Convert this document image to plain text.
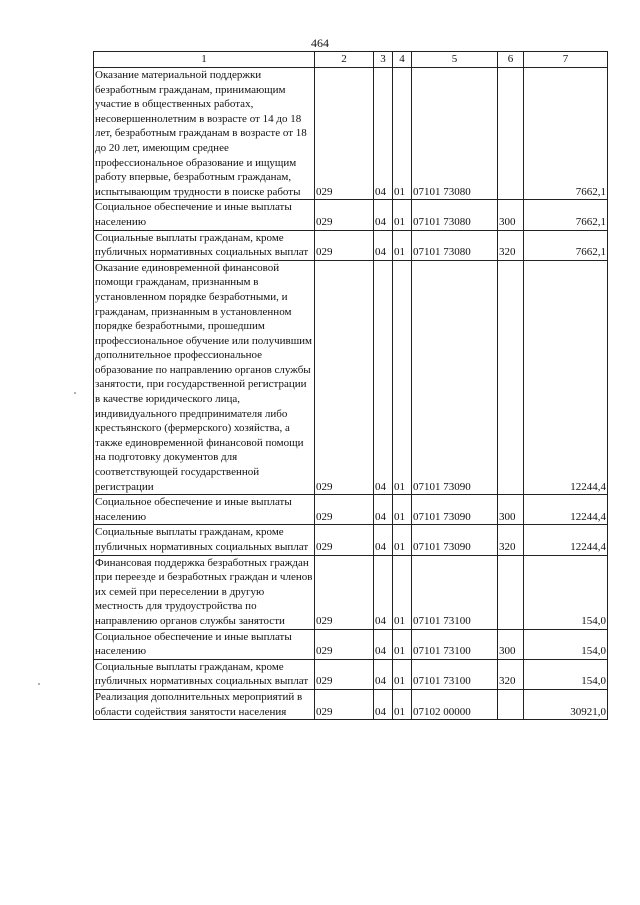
464
1	2	3	4	5	6	7
Оказание материальной поддержки безработным гражданам, принимающим участие в общественных работах, несовершеннолетним в возрасте от 14 до 18 лет, безработным гражданам в возрасте от 18 до 20 лет, имеющим среднее профессиональное образование и ищущим работу впервые, безработным гражданам, испытывающим трудности в поиске работы	029	04	01	07101 73080		7662,1
Социальное обеспечение и иные выплаты населению	029	04	01	07101 73080	300	7662,1
Социальные выплаты гражданам, кроме публичных нормативных социальных выплат	029	04	01	07101 73080	320	7662,1
Оказание единовременной финансовой помощи гражданам, признанным в установленном порядке безработными, и гражданам, признанным в установленном порядке безработными, прошедшим профессиональное обучение или получившим дополнительное профессиональное образование по направлению органов службы занятости, при государственной регистрации в качестве юридического лица, индивидуального предпринимателя либо крестьянского (фермерского) хозяйства, а также единовременной финансовой помощи на подготовку документов для соответствующей государственной регистрации	029	04	01	07101 73090		12244,4
Социальное обеспечение и иные выплаты населению	029	04	01	07101 73090	300	12244,4
Социальные выплаты гражданам, кроме публичных нормативных социальных выплат	029	04	01	07101 73090	320	12244,4
Финансовая поддержка безработных граждан при переезде и безработных граждан и членов их семей при переселении в другую местность для трудоустройства по направлению органов службы занятости	029	04	01	07101 73100		154,0
Социальное обеспечение и иные выплаты населению	029	04	01	07101 73100	300	154,0
Социальные выплаты гражданам, кроме публичных нормативных социальных выплат	029	04	01	07101 73100	320	154,0
Реализация дополнительных мероприятий в области содействия занятости населения	029	04	01	07102 00000		30921,0
